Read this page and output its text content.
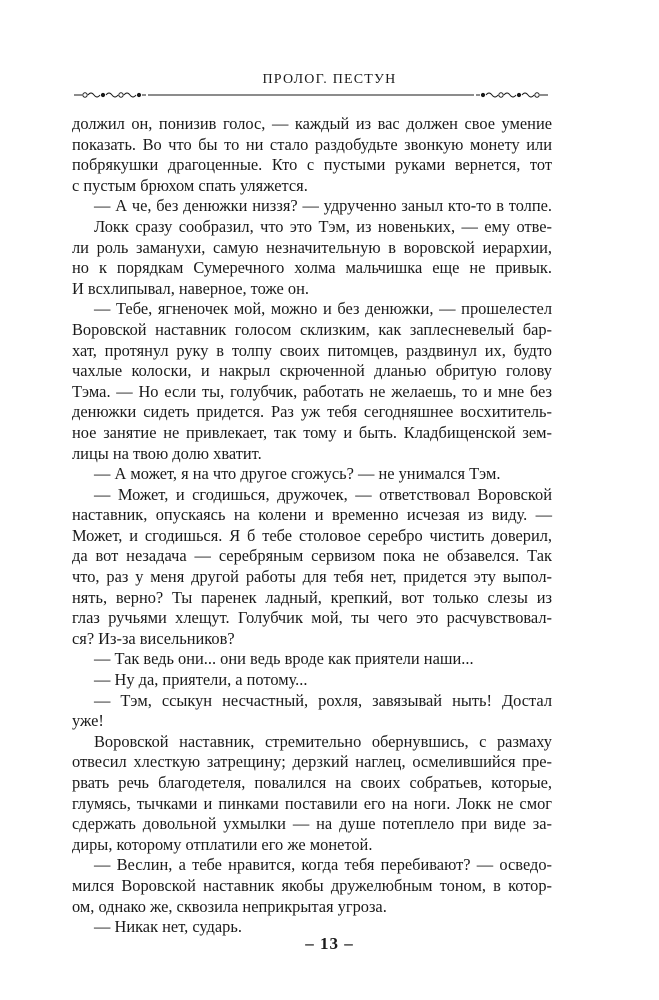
ПРОЛОГ. ПЕСТУН
должил он, понизив голос, — каждый из вас должен свое умение
показать. Во что бы то ни стало раздобудьте звонкую монету или
побрякушки драгоценные. Кто с пустыми руками вернется, тот
с пустым брюхом спать уляжется.
— А че, без денюжки низзя? — удрученно заныл кто-то в толпе.
Локк сразу сообразил, что это Тэм, из новеньких, — ему отве-
ли роль заманухи, самую незначительную в воровской иерархии,
но к порядкам Сумеречного холма мальчишка еще не привык.
И всхлипывал, наверное, тоже он.
— Тебе, ягненочек мой, можно и без денюжки, — прошелестел
Воровской наставник голосом склизким, как заплесневелый бар-
хат, протянул руку в толпу своих питомцев, раздвинул их, будто
чахлые колоски, и накрыл скрюченной дланью обритую голову
Тэма. — Но если ты, голубчик, работать не желаешь, то и мне без
денюжки сидеть придется. Раз уж тебя сегодняшнее восхититель-
ное занятие не привлекает, так тому и быть. Кладбищенской зем-
лицы на твою долю хватит.
— А может, я на что другое сгожусь? — не унимался Тэм.
— Может, и сгодишься, дружочек, — ответствовал Воровской
наставник, опускаясь на колени и временно исчезая из виду. —
Может, и сгодишься. Я б тебе столовое серебро чистить доверил,
да вот незадача — серебряным сервизом пока не обзавелся. Так
что, раз у меня другой работы для тебя нет, придется эту выпол-
нять, верно? Ты паренек ладный, крепкий, вот только слезы из
глаз ручьями хлещут. Голубчик мой, ты чего это расчувствовал-
ся? Из-за висельников?
— Так ведь они... они ведь вроде как приятели наши...
— Ну да, приятели, а потому...
— Тэм, ссыкун несчастный, рохля, завязывай ныть! Достал
уже!
Воровской наставник, стремительно обернувшись, с размаху
отвесил хлесткую затрещину; дерзкий наглец, осмелившийся пре-
рвать речь благодетеля, повалился на своих собратьев, которые,
глумясь, тычками и пинками поставили его на ноги. Локк не смог
сдержать довольной ухмылки — на душе потеплело при виде за-
диры, которому отплатили его же монетой.
— Веслин, а тебе нравится, когда тебя перебивают? — осведо-
мился Воровской наставник якобы дружелюбным тоном, в котор-
ом, однако же, сквозила неприкрытая угроза.
— Никак нет, сударь.
– 13 –
